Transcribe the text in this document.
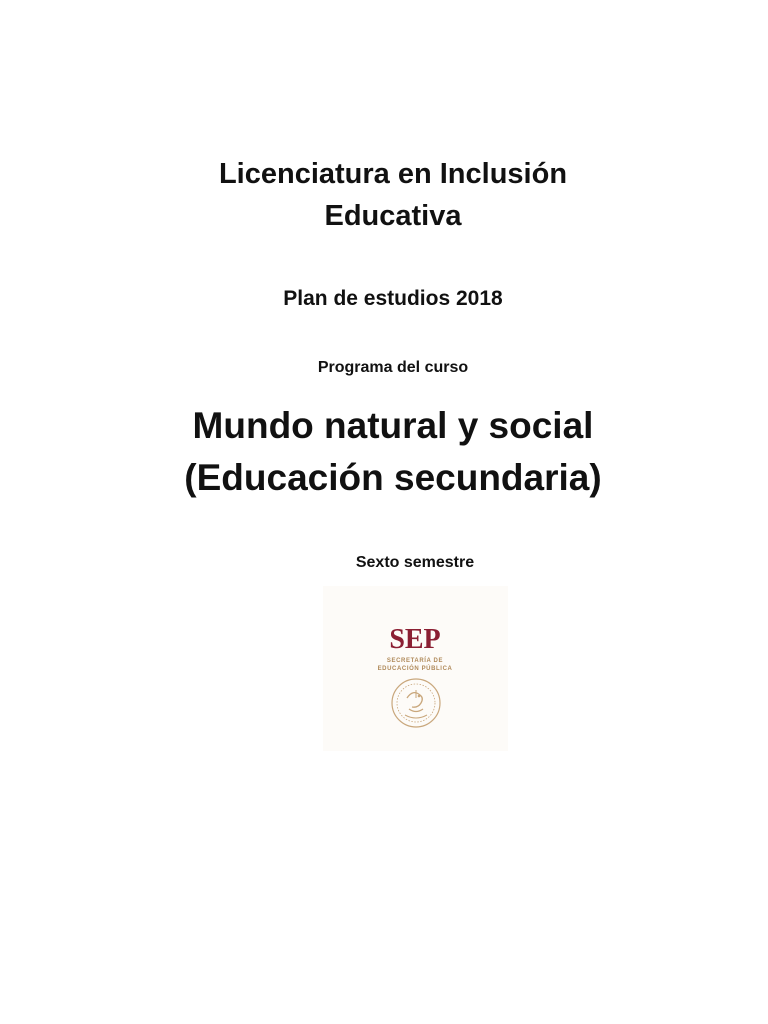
Licenciatura en Inclusión
Educativa
Plan de estudios 2018
Programa del curso
Mundo natural y social
(Educación secundaria)
Sexto semestre
SEP
SECRETARÍA DE
EDUCACIÓN PÚBLICA
